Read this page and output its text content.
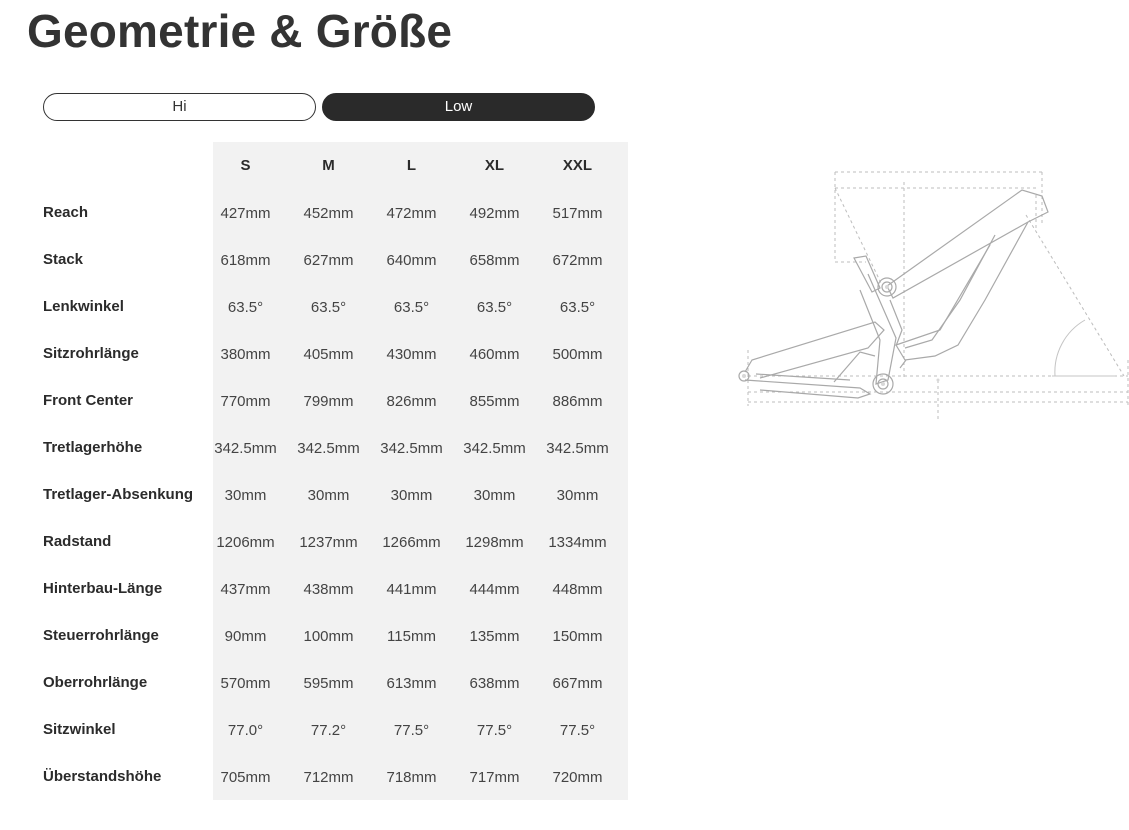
Geometrie & Größe
Hi	Low
S	M	L	XL	XXL
Reach	427mm	452mm	472mm	492mm	517mm
Stack	618mm	627mm	640mm	658mm	672mm
Lenkwinkel	63.5°	63.5°	63.5°	63.5°	63.5°
Sitzrohrlänge	380mm	405mm	430mm	460mm	500mm
Front Center	770mm	799mm	826mm	855mm	886mm
Tretlagerhöhe	342.5mm	342.5mm	342.5mm	342.5mm	342.5mm
Tretlager-Absenkung	30mm	30mm	30mm	30mm	30mm
Radstand	1206mm	1237mm	1266mm	1298mm	1334mm
Hinterbau-Länge	437mm	438mm	441mm	444mm	448mm
Steuerrohrlänge	90mm	100mm	115mm	135mm	150mm
Oberrohrlänge	570mm	595mm	613mm	638mm	667mm
Sitzwinkel	77.0°	77.2°	77.5°	77.5°	77.5°
Überstandshöhe	705mm	712mm	718mm	717mm	720mm
